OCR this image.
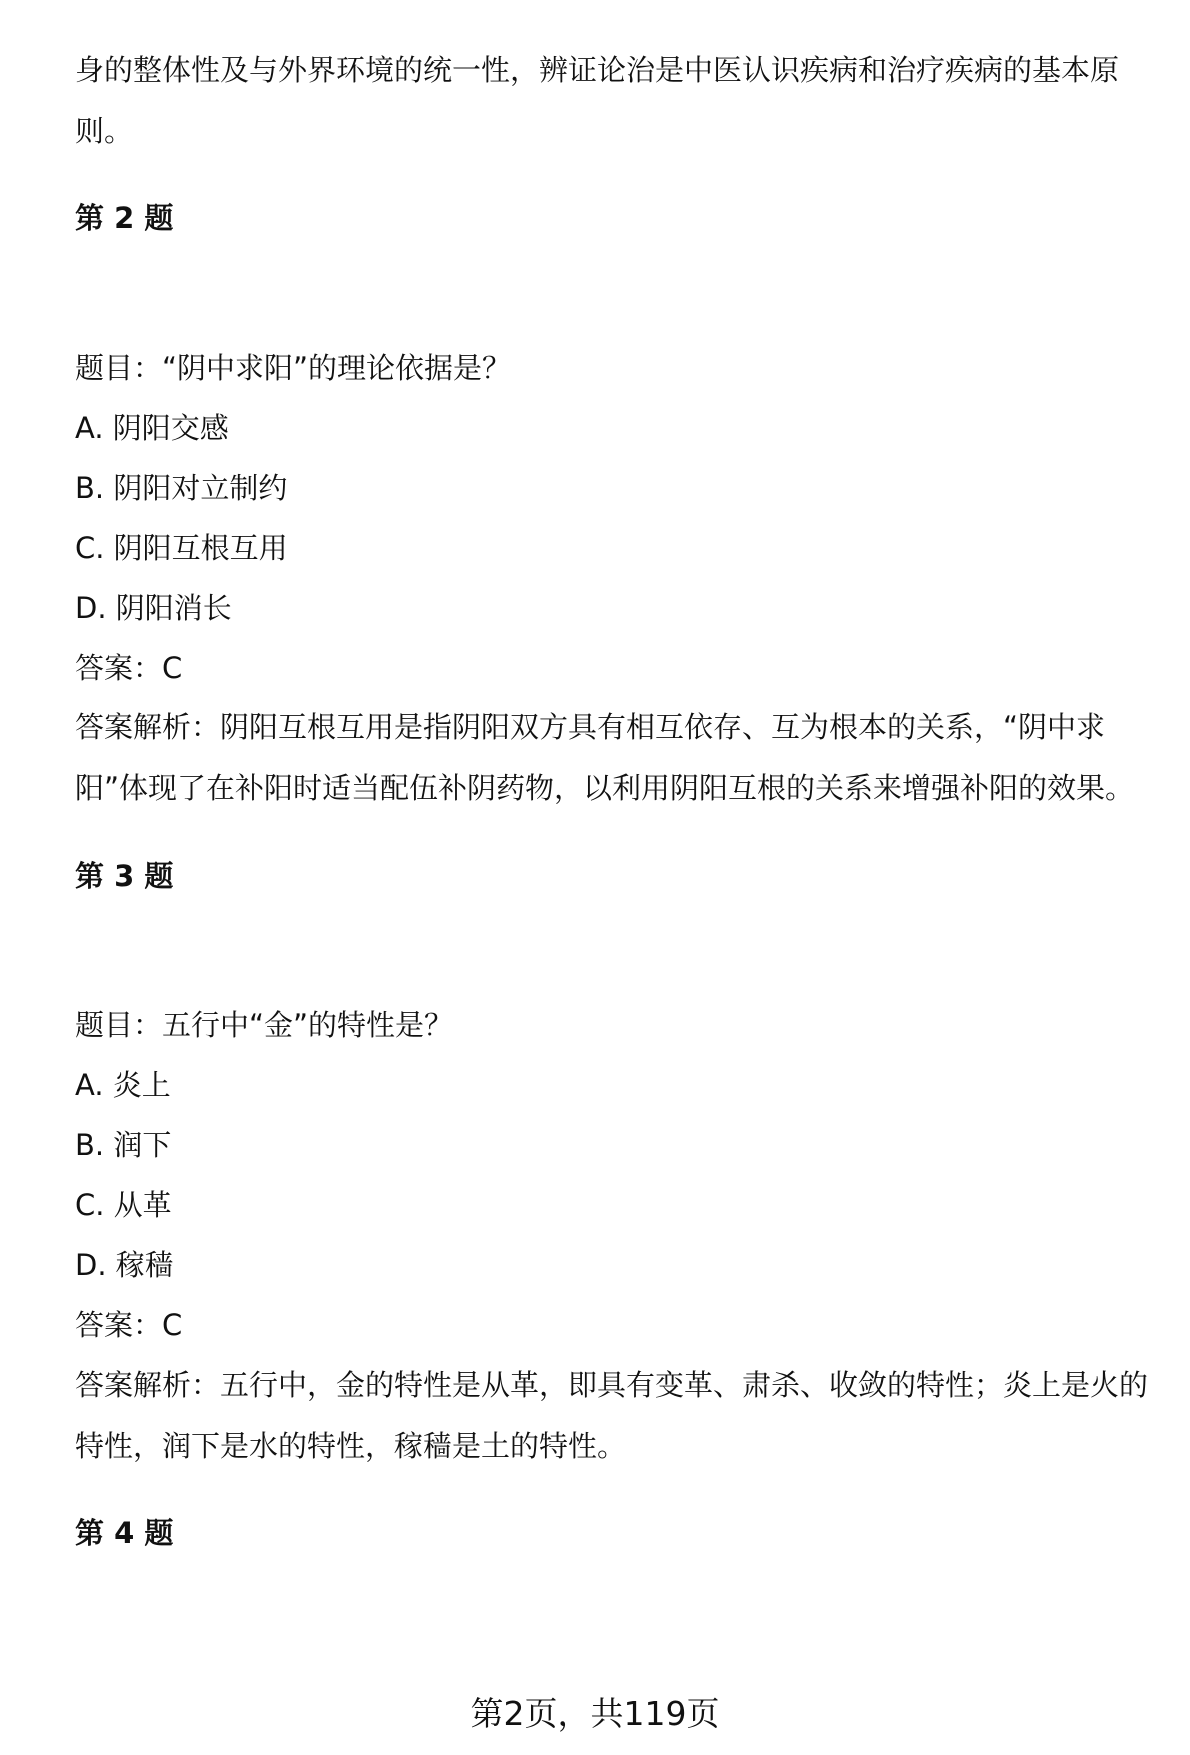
身的整体性及与外界环境的统一性，辨证论治是中医认识疾病和治疗疾病的基本原则。

第 2 题

题目：“阴中求阳”的理论依据是？

A. 阴阳交感

B. 阴阳对立制约

C. 阴阳互根互用

D. 阴阳消长

答案：C

答案解析：阴阳互根互用是指阴阳双方具有相互依存、互为根本的关系，“阴中求阳”体现了在补阳时适当配伍补阴药物，以利用阴阳互根的关系来增强补阳的效果。

第 3 题

题目：五行中“金”的特性是？

A. 炎上

B. 润下

C. 从革

D. 稼穑

答案：C

答案解析：五行中，金的特性是从革，即具有变革、肃杀、收敛的特性；炎上是火的特性，润下是水的特性，稼穑是土的特性。

第 4 题

第2页，共119页
